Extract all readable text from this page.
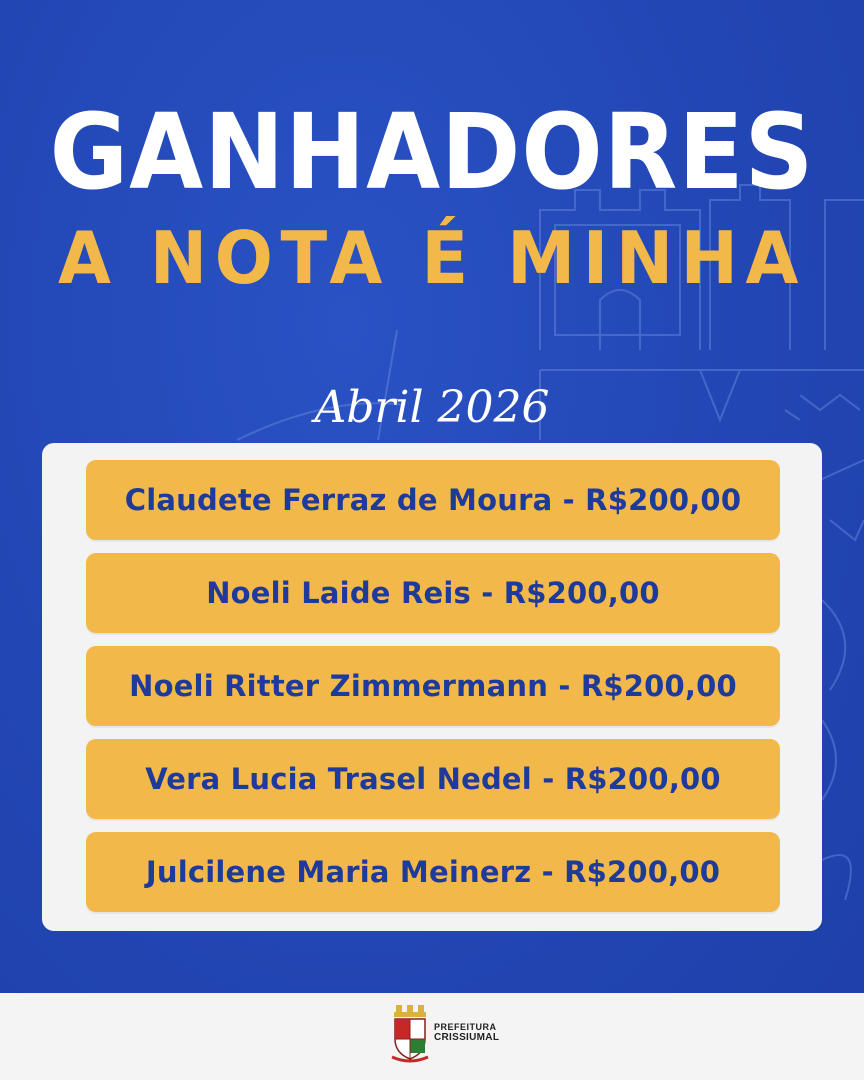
GANHADORES
A NOTA É MINHA
Abril 2026
Claudete Ferraz de Moura - R$200,00
Noeli Laide Reis - R$200,00
Noeli Ritter Zimmermann - R$200,00
Vera Lucia Trasel Nedel - R$200,00
Julcilene Maria Meinerz - R$200,00
PREFEITURA
CRISSIUMAL
